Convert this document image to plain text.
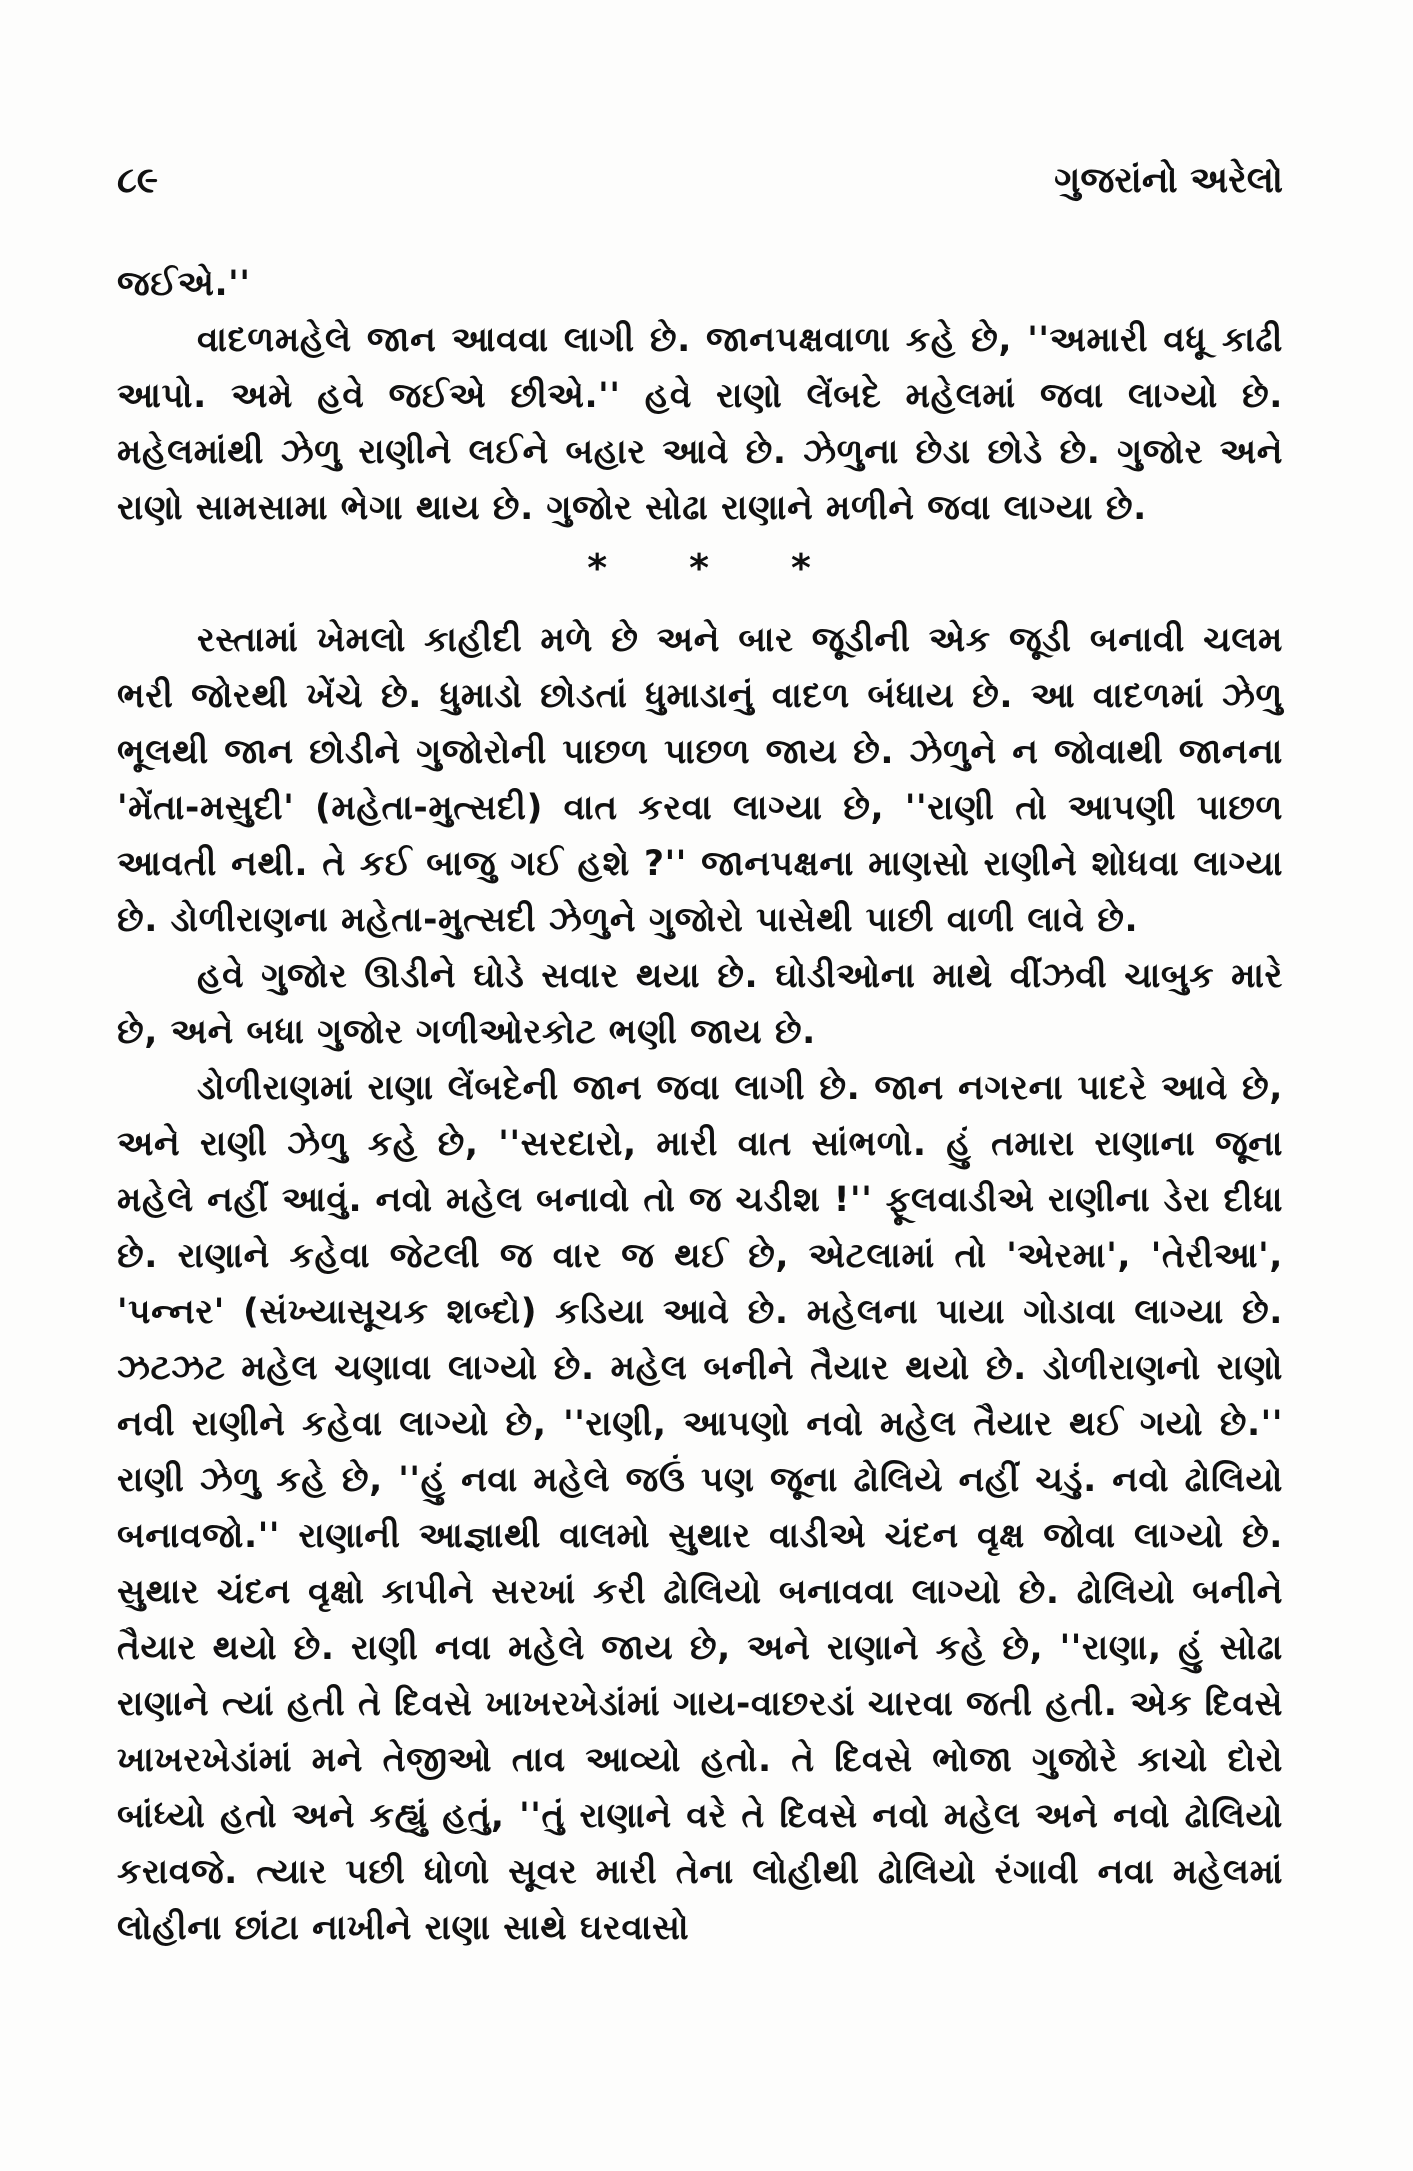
૮૯	ગુજરાંનો અરેલો

જઈએ.''

વાદળમહેલે જાન આવવા લાગી છે. જાનપક્ષવાળા કહે છે, ''અમારી વધૂ કાઢી આપો. અમે હવે જઈએ છીએ.'' હવે રાણો લેંબદે મહેલમાં જવા લાગ્યો છે. મહેલમાંથી ઝેળુ રાણીને લઈને બહાર આવે છે. ઝેળુના છેડા છોડે છે. ગુજોર અને રાણો સામસામા ભેગા થાય છે. ગુજોર સોઢા રાણાને મળીને જવા લાગ્યા છે.

* * *

રસ્તામાં ખેમલો કાહીદી મળે છે અને બાર જૂડીની એક જૂડી બનાવી ચલમ ભરી જોરથી ખેંચે છે. ધુમાડો છોડતાં ધુમાડાનું વાદળ બંધાય છે. આ વાદળમાં ઝેળુ ભૂલથી જાન છોડીને ગુજોરોની પાછળ પાછળ જાય છે. ઝેળુને ન જોવાથી જાનના 'મેંતા-મસુદી' (મહેતા-મુત્સદી) વાત કરવા લાગ્યા છે, ''રાણી તો આપણી પાછળ આવતી નથી. તે કઈ બાજુ ગઈ હશે ?'' જાનપક્ષના માણસો રાણીને શોધવા લાગ્યા છે. ડોળીરાણના મહેતા-મુત્સદી ઝેળુને ગુજોરો પાસેથી પાછી વાળી લાવે છે.

હવે ગુજોર ઊડીને ઘોડે સવાર થયા છે. ઘોડીઓના માથે વીંઝવી ચાબુક મારે છે, અને બધા ગુજોર ગળીઓરકોટ ભણી જાય છે.

ડોળીરાણમાં રાણા લેંબદેની જાન જવા લાગી છે. જાન નગરના પાદરે આવે છે, અને રાણી ઝેળુ કહે છે, ''સરદારો, મારી વાત સાંભળો. હું તમારા રાણાના જૂના મહેલે નહીં આવું. નવો મહેલ બનાવો તો જ ચડીશ !'' ફૂલવાડીએ રાણીના ડેરા દીધા છે. રાણાને કહેવા જેટલી જ વાર જ થઈ છે, એટલામાં તો 'એરમા', 'તેરીઆ', 'પન્નર' (સંખ્યાસૂચક શબ્દો) કડિયા આવે છે. મહેલના પાયા ગોડાવા લાગ્યા છે. ઝટઝટ મહેલ ચણાવા લાગ્યો છે. મહેલ બનીને તૈયાર થયો છે. ડોળીરાણનો રાણો નવી રાણીને કહેવા લાગ્યો છે, ''રાણી, આપણો નવો મહેલ તૈયાર થઈ ગયો છે.'' રાણી ઝેળુ કહે છે, ''હું નવા મહેલે જઉં પણ જૂના ઢોલિયે નહીં ચડું. નવો ઢોલિયો બનાવજો.'' રાણાની આજ્ઞાથી વાલમો સુથાર વાડીએ ચંદન વૃક્ષ જોવા લાગ્યો છે. સુથાર ચંદન વૃક્ષો કાપીને સરખાં કરી ઢોલિયો બનાવવા લાગ્યો છે. ઢોલિયો બનીને તૈયાર થયો છે. રાણી નવા મહેલે જાય છે, અને રાણાને કહે છે, ''રાણા, હું સોઢા રાણાને ત્યાં હતી તે દિવસે ખાખરખેડાંમાં ગાય-વાછરડાં ચારવા જતી હતી. એક દિવસે ખાખરખેડાંમાં મને તેજીઓ તાવ આવ્યો હતો. તે દિવસે ભોજા ગુજોરે કાચો દોરો બાંધ્યો હતો અને કહ્યું હતું, ''તું રાણાને વરે તે દિવસે નવો મહેલ અને નવો ઢોલિયો કરાવજે. ત્યાર પછી ધોળો સૂવર મારી તેના લોહીથી ઢોલિયો રંગાવી નવા મહેલમાં લોહીના છાંટા નાખીને રાણા સાથે ઘરવાસો
